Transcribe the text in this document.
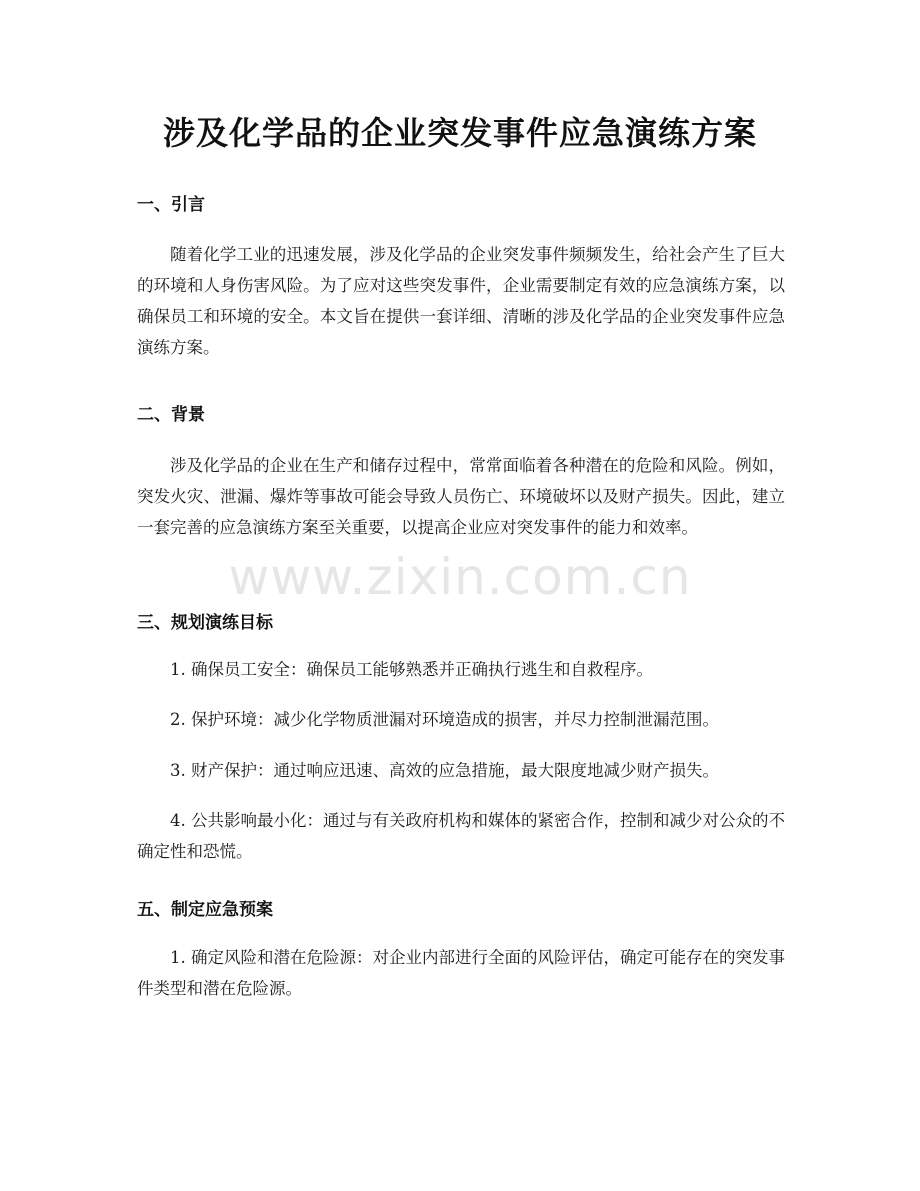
涉及化学品的企业突发事件应急演练方案
一、引言

随着化学工业的迅速发展，涉及化学品的企业突发事件频频发生，给社会产生了巨大的环境和人身伤害风险。为了应对这些突发事件，企业需要制定有效的应急演练方案，以确保员工和环境的安全。本文旨在提供一套详细、清晰的涉及化学品的企业突发事件应急演练方案。

二、背景

涉及化学品的企业在生产和储存过程中，常常面临着各种潜在的危险和风险。例如，突发火灾、泄漏、爆炸等事故可能会导致人员伤亡、环境破坏以及财产损失。因此，建立一套完善的应急演练方案至关重要，以提高企业应对突发事件的能力和效率。

三、规划演练目标

1. 确保员工安全：确保员工能够熟悉并正确执行逃生和自救程序。

2. 保护环境：减少化学物质泄漏对环境造成的损害，并尽力控制泄漏范围。

3. 财产保护：通过响应迅速、高效的应急措施，最大限度地减少财产损失。

4. 公共影响最小化：通过与有关政府机构和媒体的紧密合作，控制和减少对公众的不确定性和恐慌。

五、制定应急预案

1. 确定风险和潜在危险源：对企业内部进行全面的风险评估，确定可能存在的突发事件类型和潜在危险源。

www.zixin.com.cn
